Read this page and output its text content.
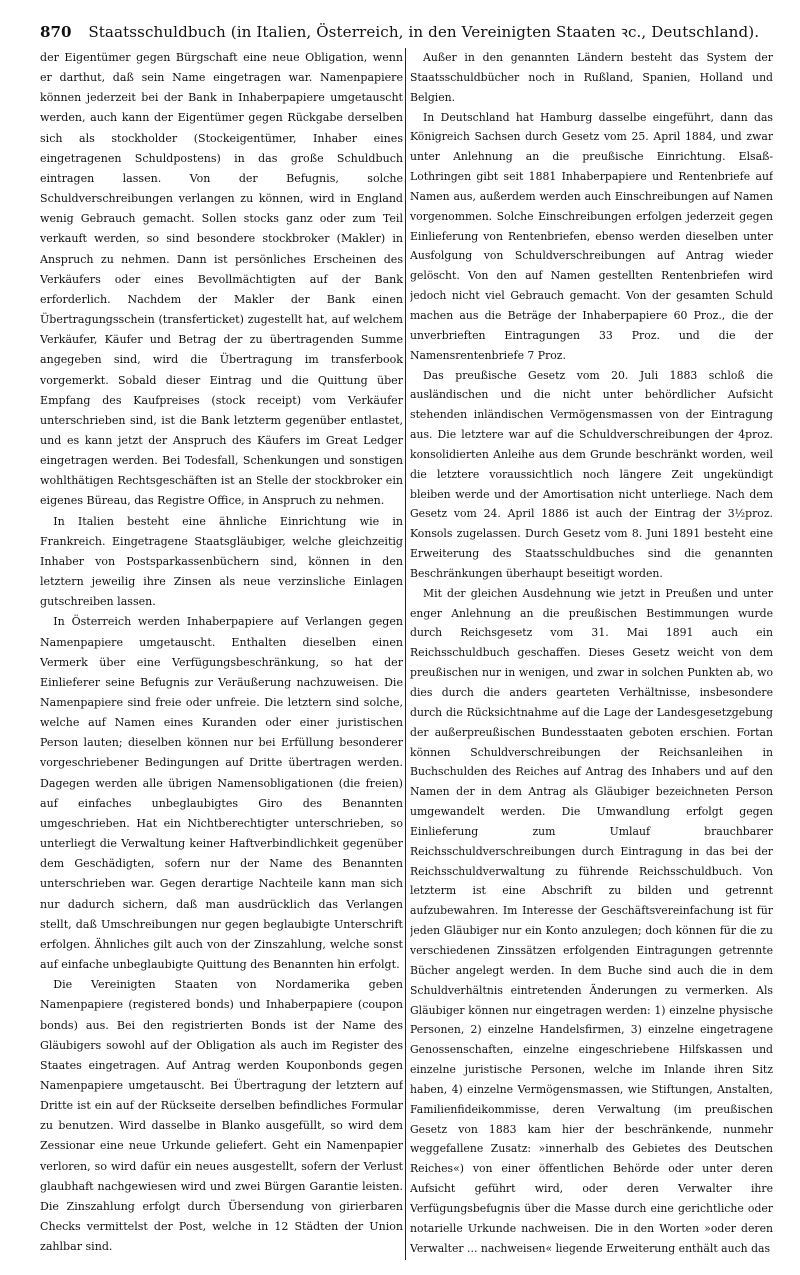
870 Staatsschuldbuch (in Italien, Österreich, in den Vereinigten Staaten ꝛc., Deutschland).

der Eigentümer gegen Bürgschaft eine neue Obligation, wenn er darthut, daß sein Name eingetragen war. Namenpapiere können jederzeit bei der Bank in Inhaberpapiere umgetauscht werden, auch kann der Eigentümer gegen Rückgabe derselben sich als stockholder (Stockeigentümer, Inhaber eines eingetragenen Schuldpostens) in das große Schuldbuch eintragen lassen. Von der Befugnis, solche Schuldverschreibungen verlangen zu können, wird in England wenig Gebrauch gemacht. Sollen stocks ganz oder zum Teil verkauft werden, so sind besondere stockbroker (Makler) in Anspruch zu nehmen. Dann ist persönliches Erscheinen des Verkäufers oder eines Bevollmächtigten auf der Bank erforderlich. Nachdem der Makler der Bank einen Übertragungsschein (transferticket) zugestellt hat, auf welchem Verkäufer, Käufer und Betrag der zu übertragenden Summe angegeben sind, wird die Übertragung im transferbook vorgemerkt. Sobald dieser Eintrag und die Quittung über Empfang des Kaufpreises (stock receipt) vom Verkäufer unterschrieben sind, ist die Bank letzterm gegenüber entlastet, und es kann jetzt der Anspruch des Käufers im Great Ledger eingetragen werden. Bei Todesfall, Schenkungen und sonstigen wohlthätigen Rechtsgeschäften ist an Stelle der stockbroker ein eigenes Büreau, das Registre Office, in Anspruch zu nehmen.

In Italien besteht eine ähnliche Einrichtung wie in Frankreich. Eingetragene Staatsgläubiger, welche gleichzeitig Inhaber von Postsparkassenbüchern sind, können in den letztern jeweilig ihre Zinsen als neue verzinsliche Einlagen gutschreiben lassen.

In Österreich werden Inhaberpapiere auf Verlangen gegen Namenpapiere umgetauscht. Enthalten dieselben einen Vermerk über eine Verfügungsbeschränkung, so hat der Einlieferer seine Befugnis zur Veräußerung nachzuweisen. Die Namenpapiere sind freie oder unfreie. Die letztern sind solche, welche auf Namen eines Kuranden oder einer juristischen Person lauten; dieselben können nur bei Erfüllung besonderer vorgeschriebener Bedingungen auf Dritte übertragen werden. Dagegen werden alle übrigen Namensobligationen (die freien) auf einfaches unbeglaubigtes Giro des Benannten umgeschrieben. Hat ein Nichtberechtigter unterschrieben, so unterliegt die Verwaltung keiner Haftverbindlichkeit gegenüber dem Geschädigten, sofern nur der Name des Benannten unterschrieben war. Gegen derartige Nachteile kann man sich nur dadurch sichern, daß man ausdrücklich das Verlangen stellt, daß Umschreibungen nur gegen beglaubigte Unterschrift erfolgen. Ähnliches gilt auch von der Zinszahlung, welche sonst auf einfache unbeglaubigte Quittung des Benannten hin erfolgt.

Die Vereinigten Staaten von Nordamerika geben Namenpapiere (registered bonds) und Inhaberpapiere (coupon bonds) aus. Bei den registrierten Bonds ist der Name des Gläubigers sowohl auf der Obligation als auch im Register des Staates eingetragen. Auf Antrag werden Kouponbonds gegen Namenpapiere umgetauscht. Bei Übertragung der letztern auf Dritte ist ein auf der Rückseite derselben befindliches Formular zu benutzen. Wird dasselbe in Blanko ausgefüllt, so wird dem Zessionar eine neue Urkunde geliefert. Geht ein Namenpapier verloren, so wird dafür ein neues ausgestellt, sofern der Verlust glaubhaft nachgewiesen wird und zwei Bürgen Garantie leisten. Die Zinszahlung erfolgt durch Übersendung von girierbaren Checks vermittelst der Post, welche in 12 Städten der Union zahlbar sind.

Außer in den genannten Ländern besteht das System der Staatsschuldbücher noch in Rußland, Spanien, Holland und Belgien.

In Deutschland hat Hamburg dasselbe eingeführt, dann das Königreich Sachsen durch Gesetz vom 25. April 1884, und zwar unter Anlehnung an die preußische Einrichtung. Elsaß-Lothringen gibt seit 1881 Inhaberpapiere und Rentenbriefe auf Namen aus, außerdem werden auch Einschreibungen auf Namen vorgenommen. Solche Einschreibungen erfolgen jederzeit gegen Einlieferung von Rentenbriefen, ebenso werden dieselben unter Ausfolgung von Schuldverschreibungen auf Antrag wieder gelöscht. Von den auf Namen gestellten Rentenbriefen wird jedoch nicht viel Gebrauch gemacht. Von der gesamten Schuld machen aus die Beträge der Inhaberpapiere 60 Proz., die der unverbrieften Eintragungen 33 Proz. und die der Namensrentenbriefe 7 Proz.

Das preußische Gesetz vom 20. Juli 1883 schloß die ausländischen und die nicht unter behördlicher Aufsicht stehenden inländischen Vermögensmassen von der Eintragung aus. Die letztere war auf die Schuldverschreibungen der 4proz. konsolidierten Anleihe aus dem Grunde beschränkt worden, weil die letztere voraussichtlich noch längere Zeit ungekündigt bleiben werde und der Amortisation nicht unterliege. Nach dem Gesetz vom 24. April 1886 ist auch der Eintrag der 3½proz. Konsols zugelassen. Durch Gesetz vom 8. Juni 1891 besteht eine Erweiterung des Staatsschuldbuches sind die genannten Beschränkungen überhaupt beseitigt worden.

Mit der gleichen Ausdehnung wie jetzt in Preußen und unter enger Anlehnung an die preußischen Bestimmungen wurde durch Reichsgesetz vom 31. Mai 1891 auch ein Reichsschuldbuch geschaffen. Dieses Gesetz weicht von dem preußischen nur in wenigen, und zwar in solchen Punkten ab, wo dies durch die anders gearteten Verhältnisse, insbesondere durch die Rücksichtnahme auf die Lage der Landesgesetzgebung der außerpreußischen Bundesstaaten geboten erschien. Fortan können Schuldverschreibungen der Reichsanleihen in Buchschulden des Reiches auf Antrag des Inhabers und auf den Namen der in dem Antrag als Gläubiger bezeichneten Person umgewandelt werden. Die Umwandlung erfolgt gegen Einlieferung zum Umlauf brauchbarer Reichsschuldverschreibungen durch Eintragung in das bei der Reichsschuldverwaltung zu führende Reichsschuldbuch. Von letzterm ist eine Abschrift zu bilden und getrennt aufzubewahren. Im Interesse der Geschäftsvereinfachung ist für jeden Gläubiger nur ein Konto anzulegen; doch können für die zu verschiedenen Zinssätzen erfolgenden Eintragungen getrennte Bücher angelegt werden. In dem Buche sind auch die in dem Schuldverhältnis eintretenden Änderungen zu vermerken. Als Gläubiger können nur eingetragen werden: 1) einzelne physische Personen, 2) einzelne Handelsfirmen, 3) einzelne eingetragene Genossenschaften, einzelne eingeschriebene Hilfskassen und einzelne juristische Personen, welche im Inlande ihren Sitz haben, 4) einzelne Vermögensmassen, wie Stiftungen, Anstalten, Familienfideikommisse, deren Verwaltung (im preußischen Gesetz von 1883 kam hier der beschränkende, nunmehr weggefallene Zusatz: »innerhalb des Gebietes des Deutschen Reiches«) von einer öffentlichen Behörde oder unter deren Aufsicht geführt wird, oder deren Verwalter ihre Verfügungsbefugnis über die Masse durch eine gerichtliche oder notarielle Urkunde nachweisen. Die in den Worten »oder deren Verwalter ... nachweisen« liegende Erweiterung enthält auch das
